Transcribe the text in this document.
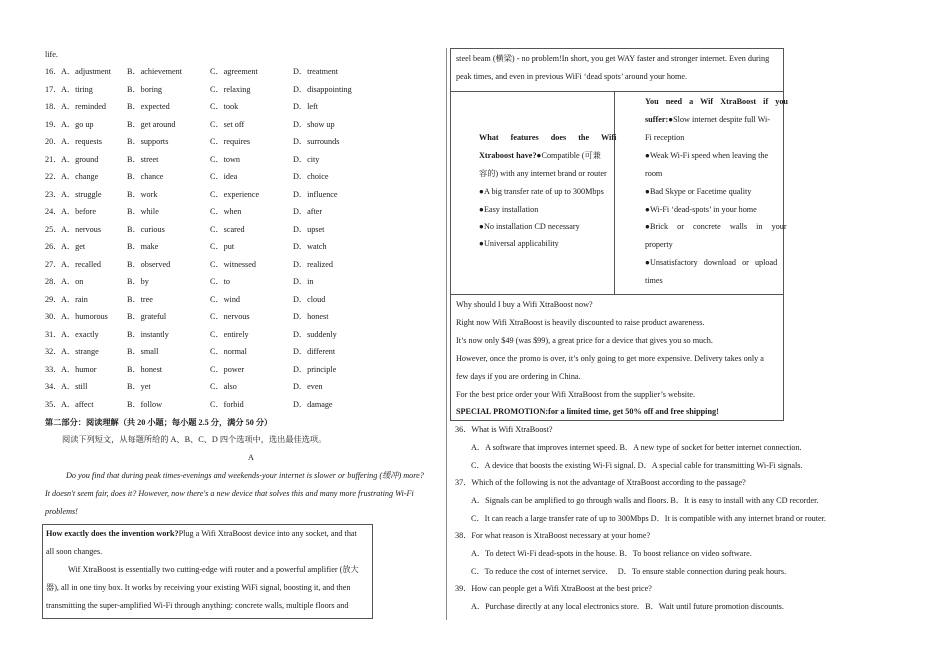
life.
16． A．adjustment B．achievement	C．agreement	D．treatment
17． A．tiring	B．boring	C．relaxing	D．disappointing
18． A．reminded	B．expected	C．took	D．left
19． A．go up	B．get around	C．set off	D．show up
20． A．requests	B．supports	C．requires	D．surrounds
21． A．ground	B．street	C．town	D．city
22． A．change	B．chance	C．idea	D．choice
23． A．struggle	B．work	C．experience	D．influence
24． A．before	B．while	C．when	D．after
25． A．nervous	B．curious	C．scared	D．upset
26． A．get	B．make	C．put	D．watch
27． A．recalled	B．observed	C．witnessed	D．realized
28． A．on	B．by	C．to	D．in
29． A．rain	B．tree	C．wind	D．cloud
30． A．humorous B．grateful	C．nervous	D．honest
31． A．exactly	B．instantly	C．entirely	D．suddenly
32． A．strange	B．small	C．normal	D．different
33． A．humor	B．honest	C．power	D．principle
34． A．still	B．yet	C．also	D．even
35． A．affect	B．follow	C．forbid	D．damage
第二部分：阅读理解（共 20 小题；每小题 2.5 分，满分 50 分）
阅读下列短文，从每题所给的 A、B、C、D 四个选项中，选出最佳选项。
A
Do you find that during peak times-evenings and weekends-your internet is slower or buffering (缓冲) more?
It doesn't seem fair, does it? However, now there's a new device that solves this and many more frustrating Wi-Fi
problems!
How exactly does the invention work?Plug a Wifi XtraBoost device into any socket, and that
all soon changes.
Wif XtraBoost is essentially two cutting-edge wifi router and a powerful amplifier (放大
器), all in one tiny box. It works by receiving your existing WiFi signal, boosting it, and then
transmitting the super-amplified Wi-Fi through anything: concrete walls, multiple floors and
steel beam (横梁) - no problem!In short, you get WAY faster and stronger internet. Even during
peak times, and even in previous WiFi ‘dead spots’ around your home.
What features does the Wifi
Xtraboost have?●Compatible (可兼
容的) with any internet brand or router
●A big transfer rate of up to 300Mbps
●Easy installation
●No installation CD necessary
●Universal applicability
You need a Wif XtraBoost if you
suffer:●Slow internet despite full Wi-
Fi reception
●Weak Wi-Fi speed when leaving the
room
●Bad Skype or Facetime quality
●Wi-Fi ‘dead-spots’ in your home
●Brick or concrete walls in your
property
●Unsatisfactory download or upload
times
Why should I buy a Wifi XtraBoost now?
Right now Wifi XtraBoost is heavily discounted to raise product awareness.
It’s now only $49 (was $99), a great price for a device that gives you so much.
However, once the promo is over, it’s only going to get more expensive. Delivery takes only a
few days if you are ordering in China.
For the best price order your Wifi XtraBoost from the supplier’s website.
SPECIAL PROMOTION:for a limited time, get 50% off and free shipping!
36．What is Wifi XtraBoost?
A．A software that improves internet speed. B．A new type of socket for better internet connection.
C．A device that boosts the existing Wi-Fi signal. D．A special cable for transmitting Wi-Fi signals.
37．Which of the following is not the advantage of XtraBoost according to the passage?
A．Signals can be amplified to go through walls and floors. B．It is easy to install with any CD recorder.
C．It can reach a large transfer rate of up to 300Mbps D．It is compatible with any internet brand or router.
38．For what reason is XtraBoost necessary at your home?
A．To detect Wi-Fi dead-spots in the house. B．To boost reliance on video software.
C．To reduce the cost of internet service.     D．To ensure stable connection during peak hours.
39．How can people get a Wifi XtraBoost at the best price?
A．Purchase directly at any local electronics store.   B．Wait until future promotion discounts.
